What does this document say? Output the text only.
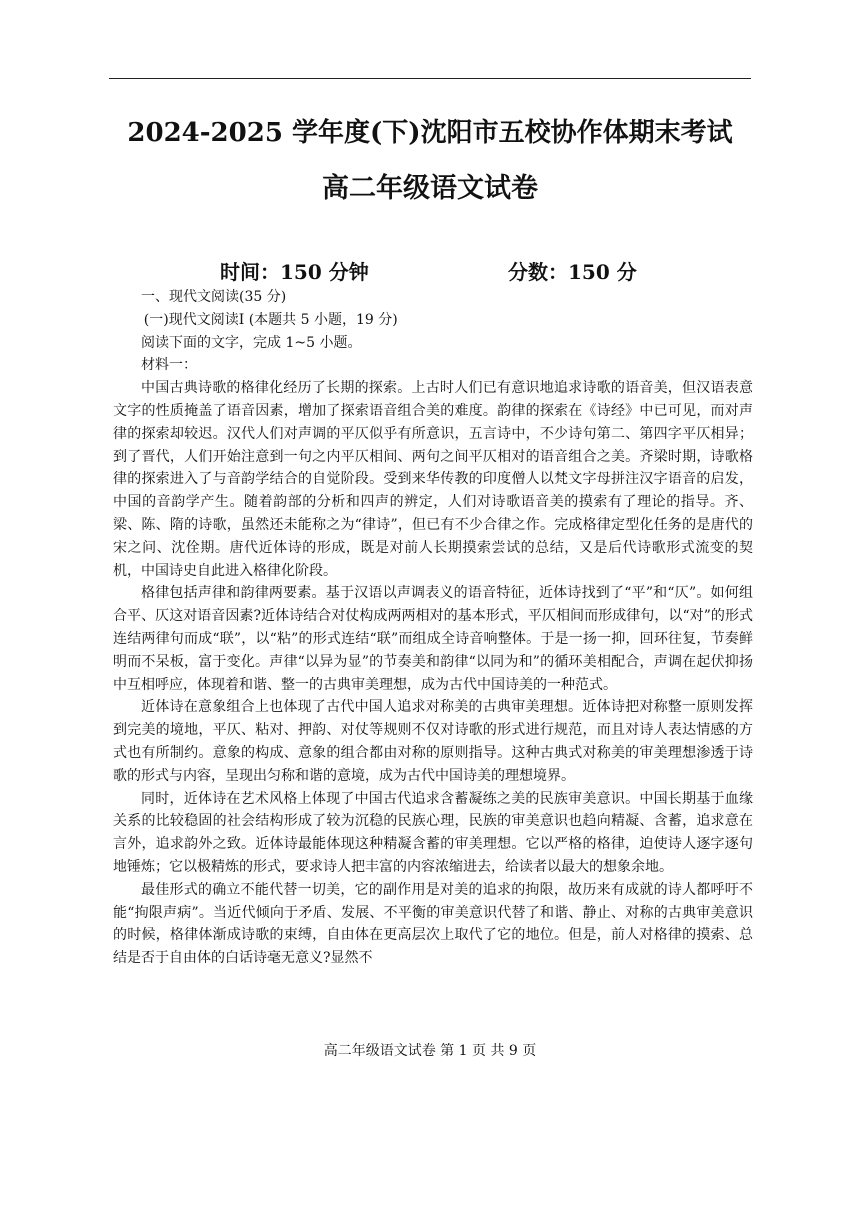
2024-2025 学年度(下)沈阳市五校协作体期末考试
高二年级语文试卷
时间：150 分钟	分数：150 分

一、现代文阅读(35 分)

(一)现代文阅读Ⅰ (本题共 5 小题，19 分)

阅读下面的文字，完成 1~5 小题。

材料一：

中国古典诗歌的格律化经历了长期的探索。上古时人们已有意识地追求诗歌的语音美，但汉语表意文字的性质掩盖了语音因素，增加了探索语音组合美的难度。韵律的探索在《诗经》中已可见，而对声律的探索却较迟。汉代人们对声调的平仄似乎有所意识，五言诗中，不少诗句第二、第四字平仄相异；到了晋代，人们开始注意到一句之内平仄相间、两句之间平仄相对的语音组合之美。齐梁时期，诗歌格律的探索进入了与音韵学结合的自觉阶段。受到来华传教的印度僧人以梵文字母拼注汉字语音的启发，中国的音韵学产生。随着韵部的分析和四声的辨定，人们对诗歌语音美的摸索有了理论的指导。齐、梁、陈、隋的诗歌，虽然还未能称之为“律诗”，但已有不少合律之作。完成格律定型化任务的是唐代的宋之问、沈佺期。唐代近体诗的形成，既是对前人长期摸索尝试的总结，又是后代诗歌形式流变的契机，中国诗史自此进入格律化阶段。

格律包括声律和韵律两要素。基于汉语以声调表义的语音特征，近体诗找到了“平”和“仄”。如何组合平、仄这对语音因素?近体诗结合对仗构成两两相对的基本形式，平仄相间而形成律句，以“对”的形式连结两律句而成“联”，以“粘”的形式连结“联”而组成全诗音响整体。于是一扬一抑，回环往复，节奏鲜明而不呆板，富于变化。声律“以异为显”的节奏美和韵律“以同为和”的循环美相配合，声调在起伏抑扬中互相呼应，体现着和谐、整一的古典审美理想，成为古代中国诗美的一种范式。

近体诗在意象组合上也体现了古代中国人追求对称美的古典审美理想。近体诗把对称整一原则发挥到完美的境地，平仄、粘对、押韵、对仗等规则不仅对诗歌的形式进行规范，而且对诗人表达情感的方式也有所制约。意象的构成、意象的组合都由对称的原则指导。这种古典式对称美的审美理想渗透于诗歌的形式与内容，呈现出匀称和谐的意境，成为古代中国诗美的理想境界。

同时，近体诗在艺术风格上体现了中国古代追求含蓄凝练之美的民族审美意识。中国长期基于血缘关系的比较稳固的社会结构形成了较为沉稳的民族心理，民族的审美意识也趋向精凝、含蓄，追求意在言外，追求韵外之致。近体诗最能体现这种精凝含蓄的审美理想。它以严格的格律，迫使诗人逐字逐句地锤炼；它以极精炼的形式，要求诗人把丰富的内容浓缩进去，给读者以最大的想象余地。

最佳形式的确立不能代替一切美，它的副作用是对美的追求的拘限，故历来有成就的诗人都呼吁不能“拘限声病”。当近代倾向于矛盾、发展、不平衡的审美意识代替了和谐、静止、对称的古典审美意识的时候，格律体渐成诗歌的束缚，自由体在更高层次上取代了它的地位。但是，前人对格律的摸索、总结是否于自由体的白话诗毫无意义?显然不

高二年级语文试卷 第 1 页 共 9 页
